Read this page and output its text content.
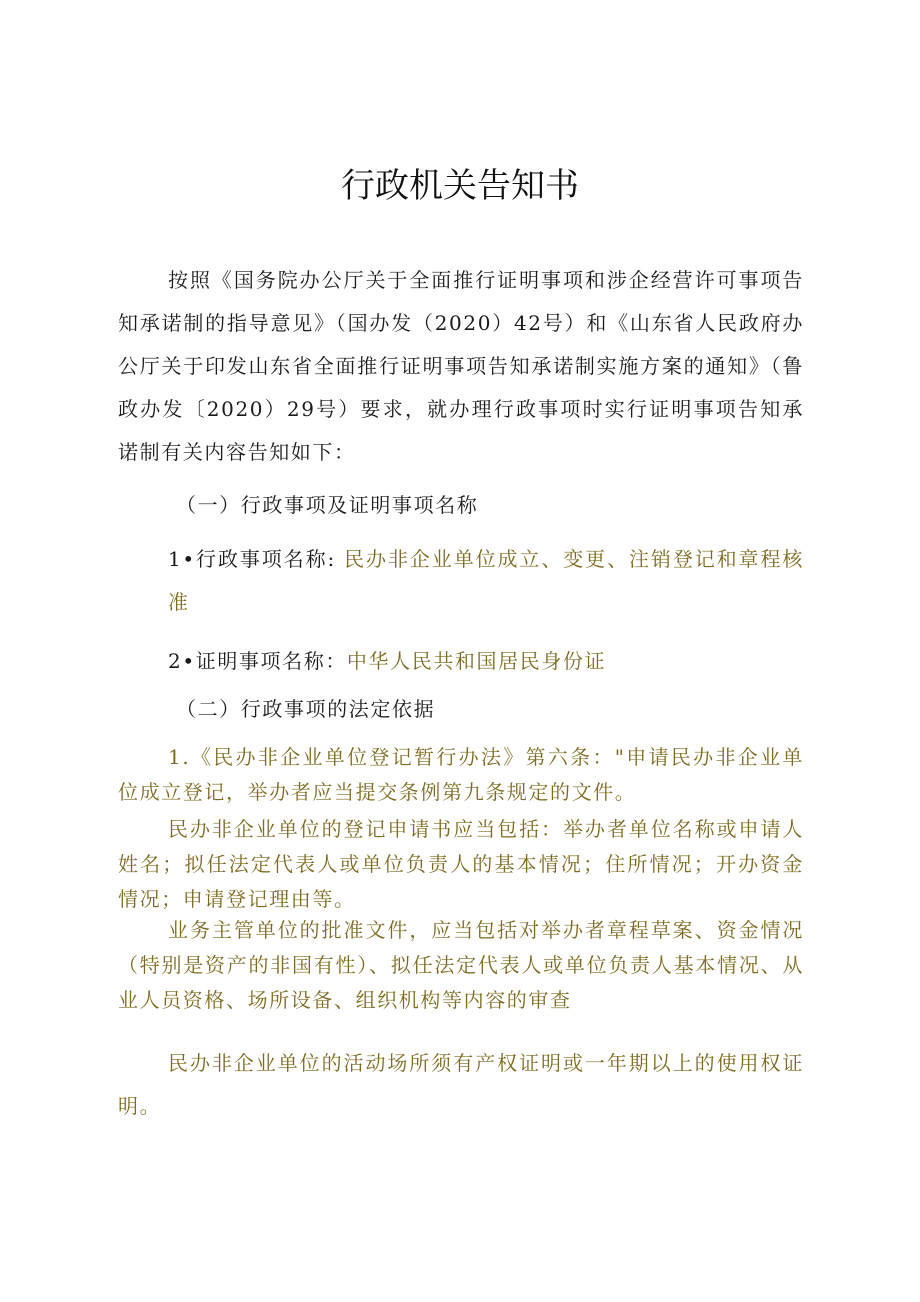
行政机关告知书

按照《国务院办公厅关于全面推行证明事项和涉企经营许可事项告知承诺制的指导意见》（国办发（2020）42号）和《山东省人民政府办公厅关于印发山东省全面推行证明事项告知承诺制实施方案的通知》（鲁政办发〔2020）29号）要求，就办理行政事项时实行证明事项告知承诺制有关内容告知如下：

（一）行政事项及证明事项名称

1•行政事项名称: 民办非企业单位成立、变更、注销登记和章程核准

2•证明事项名称：中华人民共和国居民身份证

（二）行政事项的法定依据

1.《民办非企业单位登记暂行办法》第六条："申请民办非企业单位成立登记，举办者应当提交条例第九条规定的文件。

民办非企业单位的登记申请书应当包括：举办者单位名称或申请人姓名；拟任法定代表人或单位负责人的基本情况；住所情况；开办资金情况；申请登记理由等。

业务主管单位的批准文件，应当包括对举办者章程草案、资金情况（特别是资产的非国有性）、拟任法定代表人或单位负责人基本情况、从业人员资格、场所设备、组织机构等内容的审查

民办非企业单位的活动场所须有产权证明或一年期以上的使用权证明。
